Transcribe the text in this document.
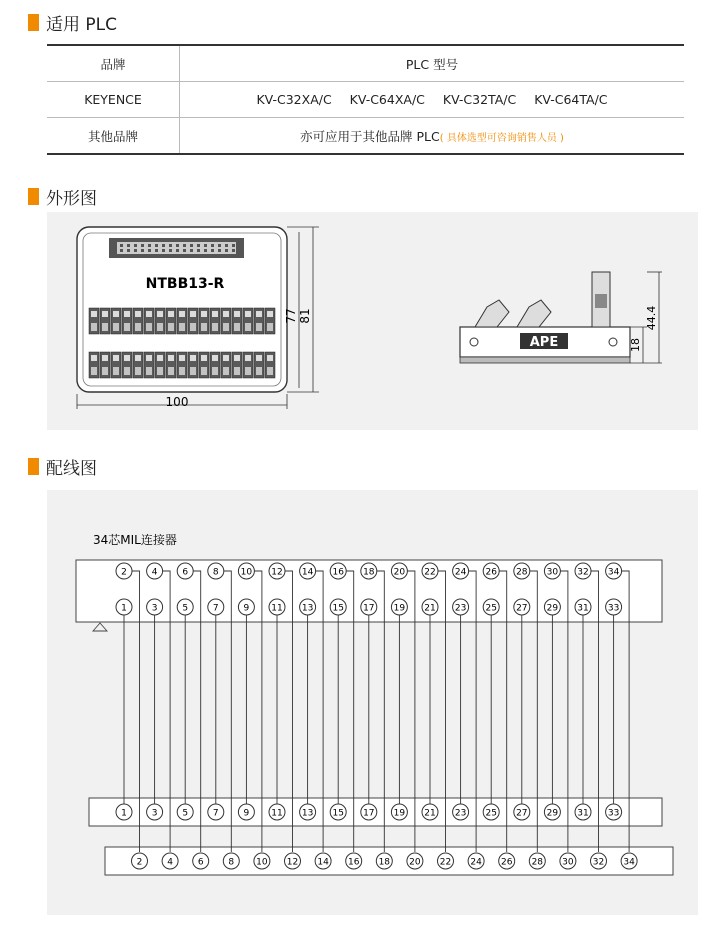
适用 PLC
品牌	PLC 型号
KEYENCE	KV-C32XA/C KV-C64XA/C KV-C32TA/C KV-C64TA/C
其他品牌	亦可应用于其他品牌 PLC( 具体选型可咨询销售人员 )
外形图
NTBB13-R
100
77 81
APE	18
44.4
配线图
34芯MIL连接器
2
1
1
2
4
3
3
4
6
5
5
6
8
7
7
8
10
9
9
10
12
11
11
12
14
13
13
14
16
15
15
16
18
17
17
18
20
19
19
20
22
21
21
22
24
23
23
24
26
25
25
26
28
27
27
28
30
29
29
30
32
31
31
32
34
33
33
34
